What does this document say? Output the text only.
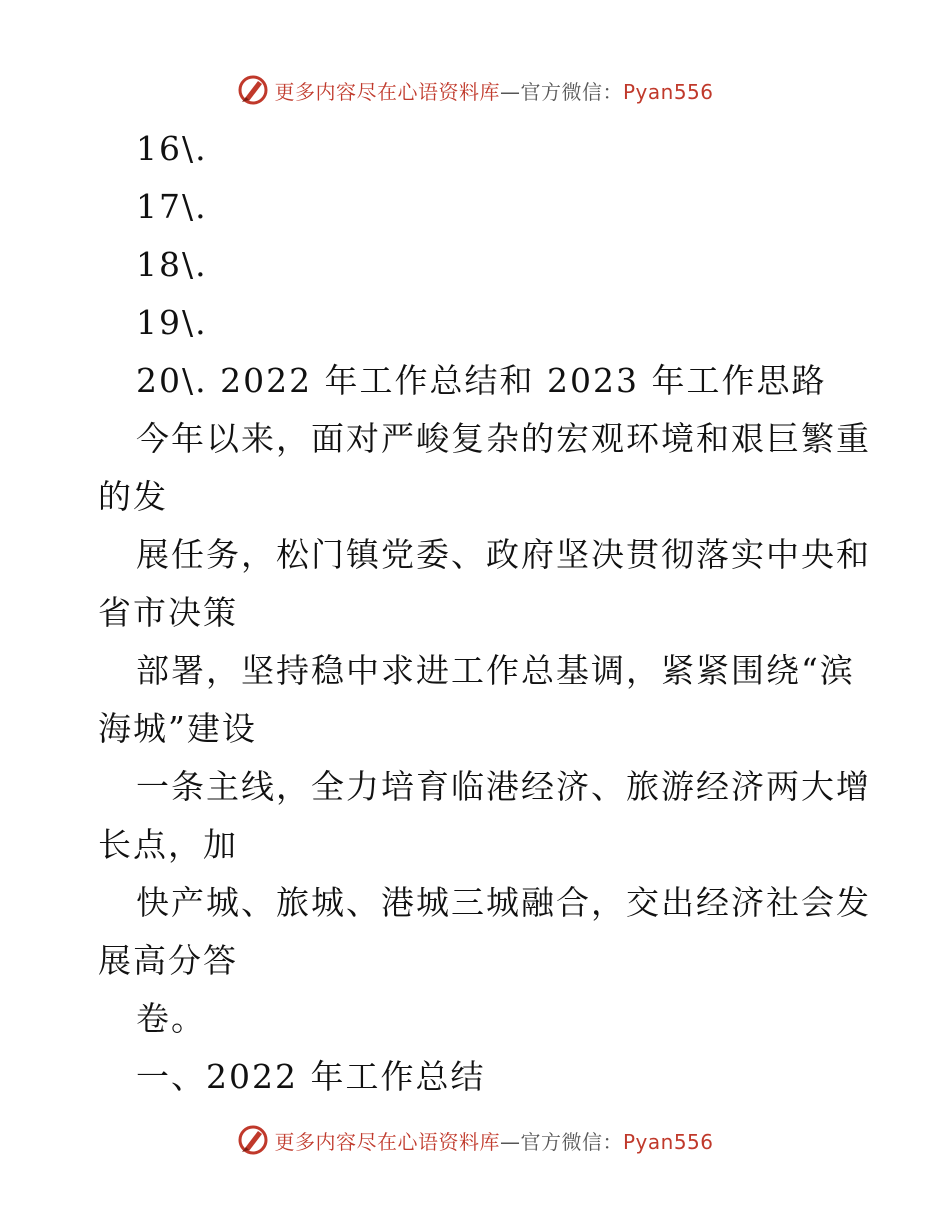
更多内容尽在心语资料库—官方微信：Pyan556
16\.
17\.
18\.
19\.
20\. 2022 年工作总结和 2023 年工作思路
今年以来，面对严峻复杂的宏观环境和艰巨繁重
的发
展任务，松门镇党委、政府坚决贯彻落实中央和
省市决策
部署，坚持稳中求进工作总基调，紧紧围绕“滨
海城”建设
一条主线，全力培育临港经济、旅游经济两大增
长点，加
快产城、旅城、港城三城融合，交出经济社会发
展高分答
卷。
一、2022 年工作总结
更多内容尽在心语资料库—官方微信：Pyan556
